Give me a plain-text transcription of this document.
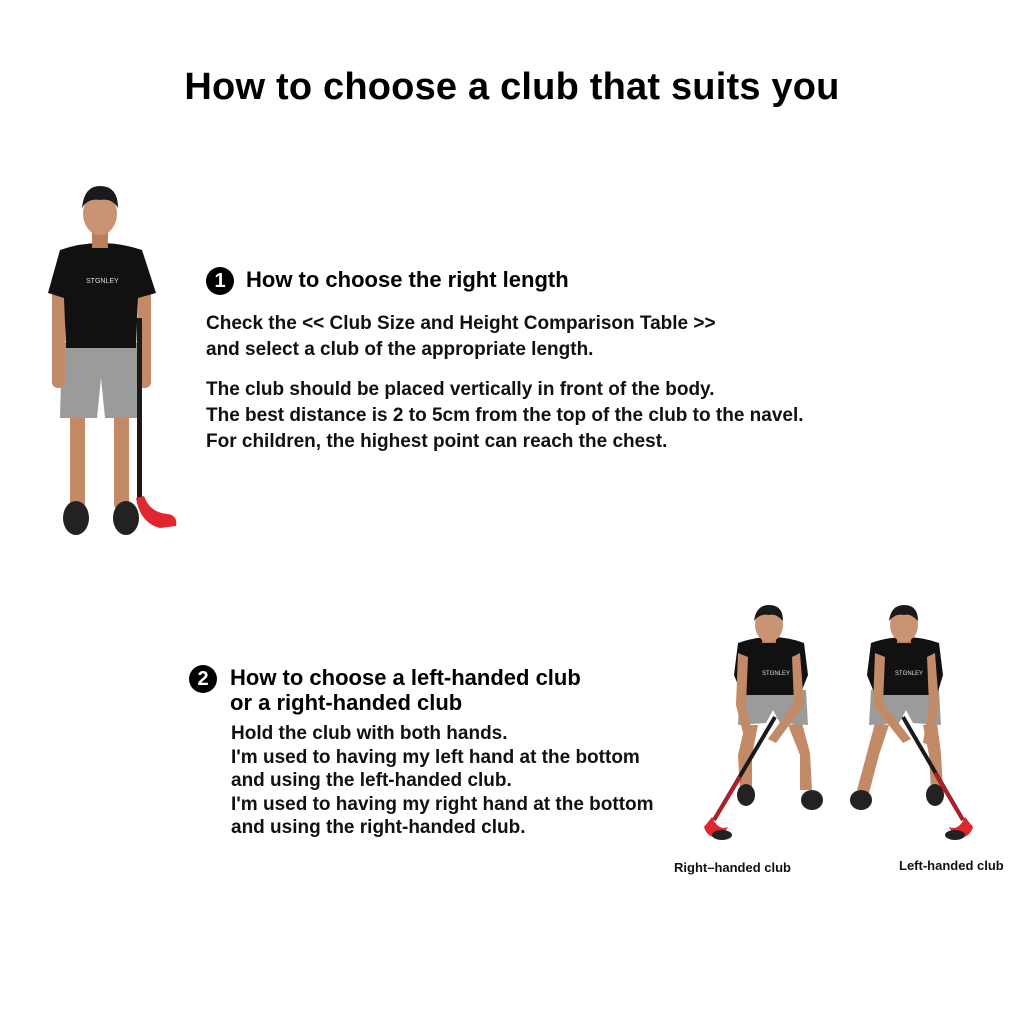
How to choose a club that suits you
STGNLEY	1 How to choose the right length
Check the << Club Size and Height Comparison Table >>
and select a club of the appropriate length.
The club should be placed vertically in front of the body.
The best distance is 2 to 5cm from the top of the club to the navel.
For children, the highest point can reach the chest.
2 How to choose a left-handed club
or a right-handed club
Hold the club with both hands.
I'm used to having my left hand at the bottom
and using the left-handed club.
I'm used to having my right hand at the bottom
and using the right-handed club.
STGNLEY	STGNLEY
Right–handed club	Left-handed club
